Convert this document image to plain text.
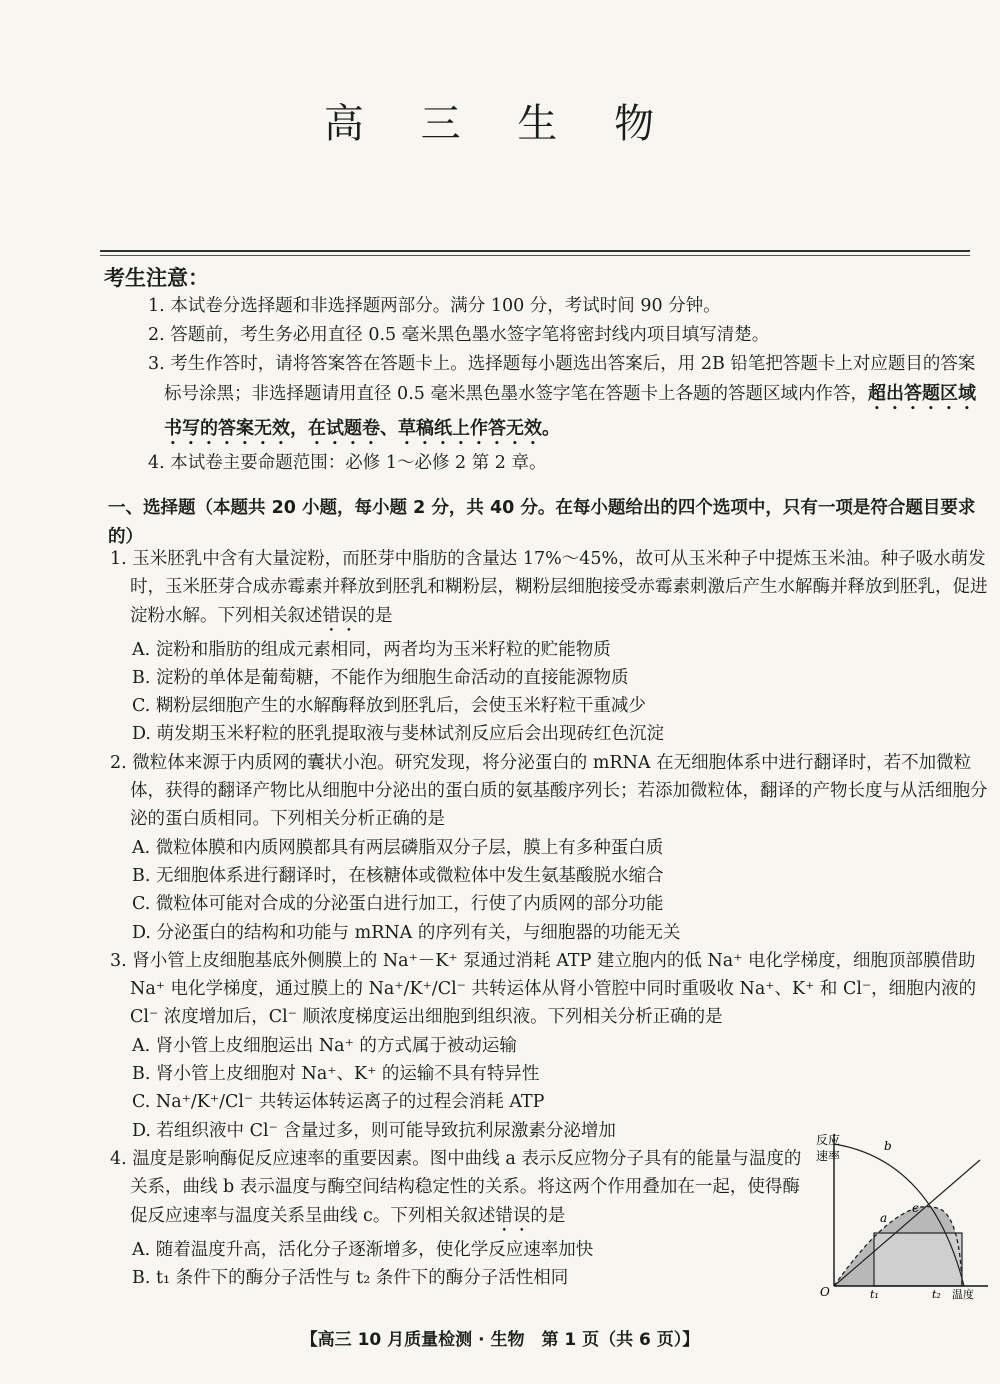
高 三 生 物
考生注意：

1. 本试卷分选择题和非选择题两部分。满分 100 分，考试时间 90 分钟。

2. 答题前，考生务必用直径 0.5 毫米黑色墨水签字笔将密封线内项目填写清楚。

3. 考生作答时，请将答案答在答题卡上。选择题每小题选出答案后，用 2B 铅笔把答题卡上对应题目的答案标号涂黑；非选择题请用直径 0.5 毫米黑色墨水签字笔在答题卡上各题的答题区域内作答，超出答题区域书写的答案无效，在试题卷、草稿纸上作答无效。

4. 本试卷主要命题范围：必修 1～必修 2 第 2 章。

一、选择题（本题共 20 小题，每小题 2 分，共 40 分。在每小题给出的四个选项中，只有一项是符合题目要求的）

1. 玉米胚乳中含有大量淀粉，而胚芽中脂肪的含量达 17%～45%，故可从玉米种子中提炼玉米油。种子吸水萌发时，玉米胚芽合成赤霉素并释放到胚乳和糊粉层，糊粉层细胞接受赤霉素刺激后产生水解酶并释放到胚乳，促进淀粉水解。下列相关叙述错误的是

A. 淀粉和脂肪的组成元素相同，两者均为玉米籽粒的贮能物质

B. 淀粉的单体是葡萄糖，不能作为细胞生命活动的直接能源物质

C. 糊粉层细胞产生的水解酶释放到胚乳后，会使玉米籽粒干重减少

D. 萌发期玉米籽粒的胚乳提取液与斐林试剂反应后会出现砖红色沉淀

2. 微粒体来源于内质网的囊状小泡。研究发现，将分泌蛋白的 mRNA 在无细胞体系中进行翻译时，若不加微粒体，获得的翻译产物比从细胞中分泌出的蛋白质的氨基酸序列长；若添加微粒体，翻译的产物长度与从活细胞分泌的蛋白质相同。下列相关分析正确的是

A. 微粒体膜和内质网膜都具有两层磷脂双分子层，膜上有多种蛋白质

B. 无细胞体系进行翻译时，在核糖体或微粒体中发生氨基酸脱水缩合

C. 微粒体可能对合成的分泌蛋白进行加工，行使了内质网的部分功能

D. 分泌蛋白的结构和功能与 mRNA 的序列有关，与细胞器的功能无关

3. 肾小管上皮细胞基底外侧膜上的 Na⁺－K⁺ 泵通过消耗 ATP 建立胞内的低 Na⁺ 电化学梯度，细胞顶部膜借助 Na⁺ 电化学梯度，通过膜上的 Na⁺/K⁺/Cl⁻ 共转运体从肾小管腔中同时重吸收 Na⁺、K⁺ 和 Cl⁻，细胞内液的 Cl⁻ 浓度增加后，Cl⁻ 顺浓度梯度运出细胞到组织液。下列相关分析正确的是

A. 肾小管上皮细胞运出 Na⁺ 的方式属于被动运输

B. 肾小管上皮细胞对 Na⁺、K⁺ 的运输不具有特异性

C. Na⁺/K⁺/Cl⁻ 共转运体转运离子的过程会消耗 ATP

D. 若组织液中 Cl⁻ 含量过多，则可能导致抗利尿激素分泌增加

4. 温度是影响酶促反应速率的重要因素。图中曲线 a 表示反应物分子具有的能量与温度的关系，曲线 b 表示温度与酶空间结构稳定性的关系。将这两个作用叠加在一起，使得酶促反应速率与温度关系呈曲线 c。下列相关叙述错误的是

A. 随着温度升高，活化分子逐渐增多，使化学反应速率加快

B. t₁ 条件下的酶分子活性与 t₂ 条件下的酶分子活性相同

反应
速率
温度
O
a
b
c
t₁	t₂
【高三 10 月质量检测 · 生物　第 1 页（共 6 页）】
